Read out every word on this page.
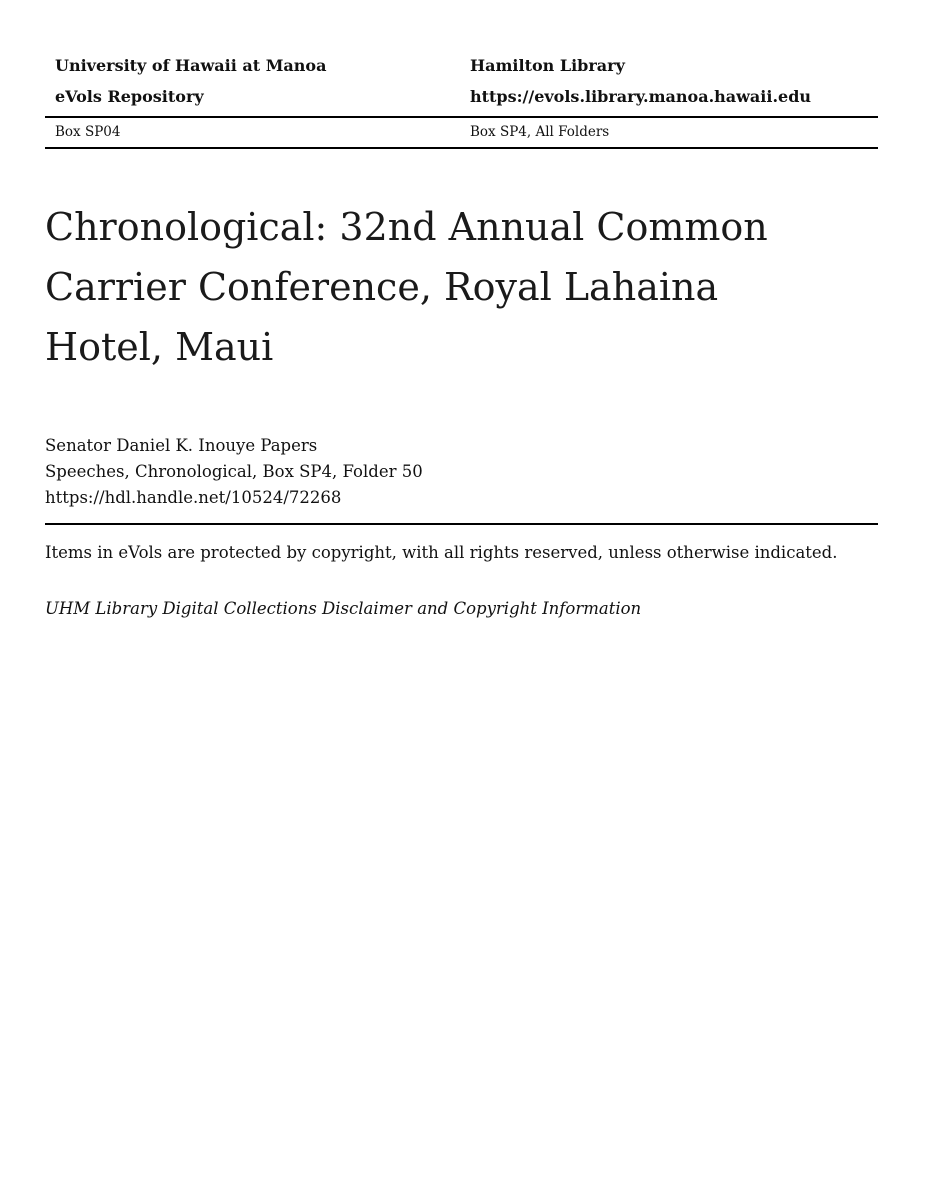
University of Hawaii at Manoa
eVols Repository
Hamilton Library
https://evols.library.manoa.hawaii.edu
Box SP04	Box SP4, All Folders
Chronological: 32nd Annual Common
Carrier Conference, Royal Lahaina
Hotel, Maui
Senator Daniel K. Inouye Papers
Speeches, Chronological, Box SP4, Folder 50
https://hdl.handle.net/10524/72268

Items in eVols are protected by copyright, with all rights reserved, unless otherwise indicated.

UHM Library Digital Collections Disclaimer and Copyright Information
